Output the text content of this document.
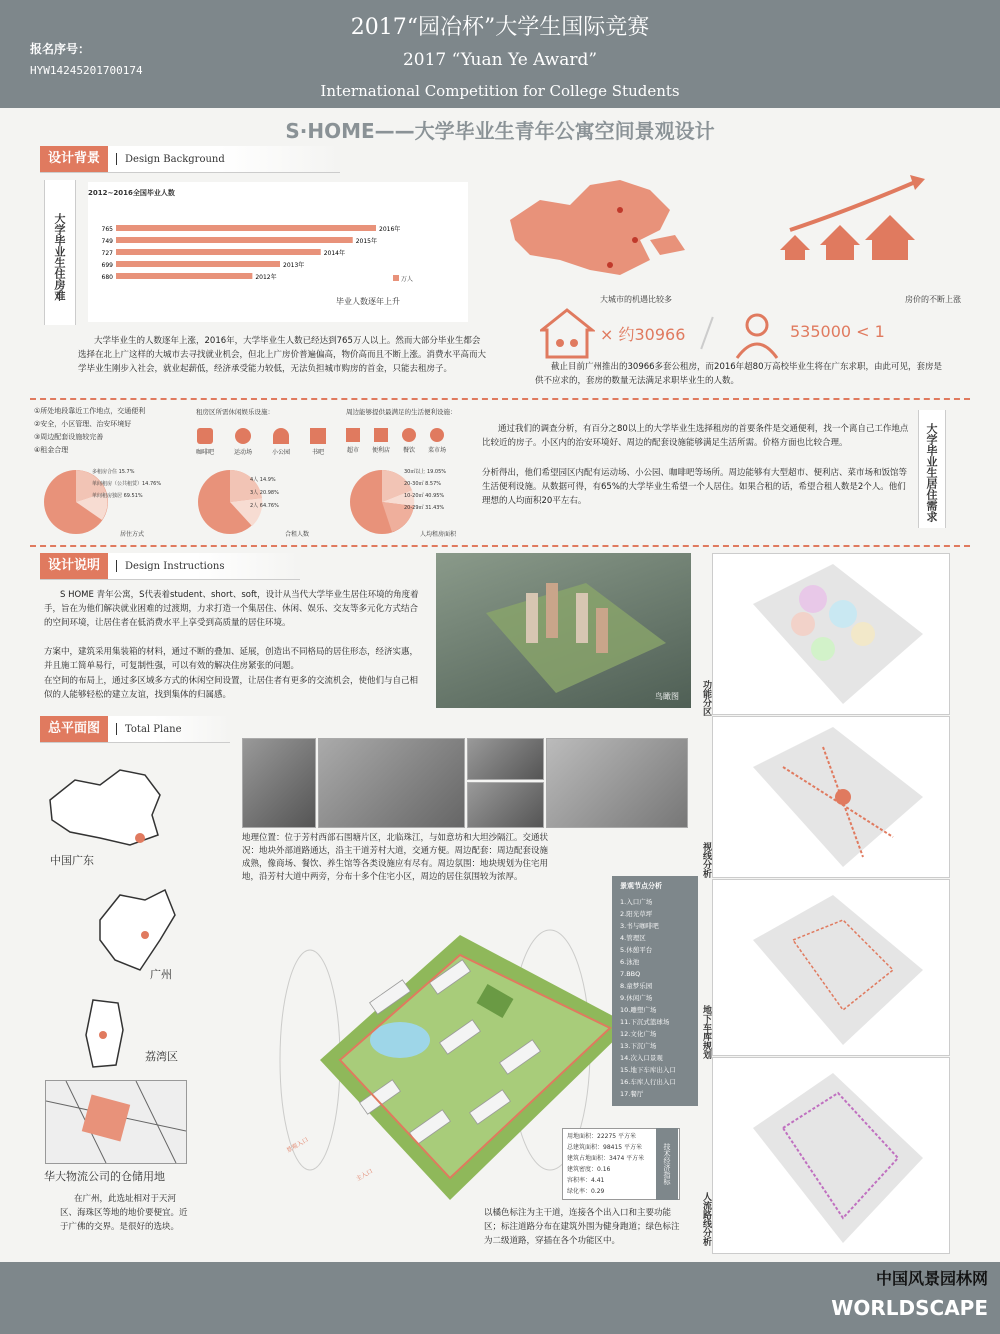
报名序号：
HYW14245201700174
2017“园冶杯”大学生国际竞赛
2017 “Yuan Ye Award”
International Competition for College Students
S·HOME——大学毕业生青年公寓空间景观设计
设计背景	Design Background
大学毕业生住房难
2012~2016全国毕业人数
765	2016年
749	2015年
727	2014年
699	2013年
680	2012年	万人
毕业人数逐年上升	大城市的机遇比较多	房价的不断上涨
大学毕业生的人数逐年上涨，2016年，大学毕业生人数已经达到765万人以上。然而大部分毕业生都会选择在北上广这样的大城市去寻找就业机会，但北上广房价普遍偏高，物价高而且不断上涨。消费水平高而大学毕业生刚步入社会，就业起薪低，经济承受能力较低，无法负担城市购房的首金，只能去租房子。
× 约30966	535000 < 1
截止目前广州推出的30966多套公租房，而2016年超80万高校毕业生将在广东求职，由此可见，套房是供不应求的，套房的数量无法满足求职毕业生的人数。
①所处地段靠近工作地点，交通便利
②安全，小区管理、治安环境好
③周边配套设施较完善
④租金合理
租房区所需休闲娱乐设施：	周边能够提供最满足的生活便利设施：
咖啡吧	运动场	小公园	书吧	超市 便利店 餐饮 菜市场
多租房合住 15.7%
单间租房（公共租赁）14.76%
单间租房独居 69.51%
居住方式
4人 14.9%
3人 20.98%
2人 64.76%
合租人数
30㎡以上 19.05%
20-30㎡ 8.57%
10-20㎡ 40.95%
20-29㎡ 31.43%
人均租房面积
通过我们的调查分析，有百分之80以上的大学毕业生选择租房的首要条件是交通便利，找一个离自己工作地点比较近的房子。小区内的治安环境好、周边的配套设施能够满足生活所需。价格方面也比较合理。
分析得出，他们希望园区内配有运动场、小公园、咖啡吧等场所。周边能够有大型超市、便利店、菜市场和饭馆等生活便利设施。从数据可得，有65%的大学毕业生希望一个人居住。如果合租的话，希望合租人数是2个人。他们理想的人均面积20平左右。	大学毕业生居住需求
设计说明	Design Instructions
S HOME 青年公寓，S代表着student、short、soft，设计从当代大学毕业生居住环境的角度着手，旨在为他们解决就业困难的过渡期，力求打造一个集居住、休闲、娱乐、交友等多元化方式结合的空间环境，让居住者在低消费水平上享受到高质量的居住环境。
方案中，建筑采用集装箱的材料，通过不断的叠加、延展，创造出不同格局的居住形态，经济实惠，并且施工简单易行，可复制性强，可以有效的解决住房紧张的问题。
在空间的布局上，通过多区域多方式的休闲空间设置，让居住者有更多的交流机会，使他们与自己相似的人能够轻松的建立友谊，找到集体的归属感。	鸟瞰图 功能分区
视线分析
地下车库规划
人流路线分析
总平面图	Total Plane
中国广东
广州
荔湾区
华大物流公司的仓储用地
在广州，此选址相对于天河区、海珠区等地的地价要便宜。近于广佛的交界。是很好的选块。
地理位置：位于芳村西部石围塘片区，北临珠江，与如意坊和大坦沙隔江。交通状况：地块外部道路通达，沿主干道芳村大道，交通方便。周边配套：周边配套设施成熟，像商场、餐饮、养生馆等各类设施应有尽有。周边氛围：地块规划为住宅用地，沿芳村大道中两旁，分布十多个住宅小区，周边的居住氛围较为浓厚。
景观入口
主入口
景观节点分析
1.入口广场
2.阳光草坪
3.书与咖啡吧
4.管理区
5.休憩平台
6.泳池
7.BBQ
8.童梦乐园
9.休闲广场
10.雕塑广场
11.下沉式篮球场
12.文化广场
13.下沉广场
14.次入口景观
15.地下车库出入口
16.车库人行出入口
17.餐厅
用地面积：22275 平方米
总建筑面积：98415 平方米
建筑占地面积：3474 平方米
建筑密度：0.16
容积率：4.41
绿化率：0.29
技术经济指标
以橘色标注为主干道，连接各个出入口和主要功能区；标注道路分布在建筑外围为健身跑道；绿色标注为二级道路，穿插在各个功能区中。
中国风景园林网
WORLDSCAPE
